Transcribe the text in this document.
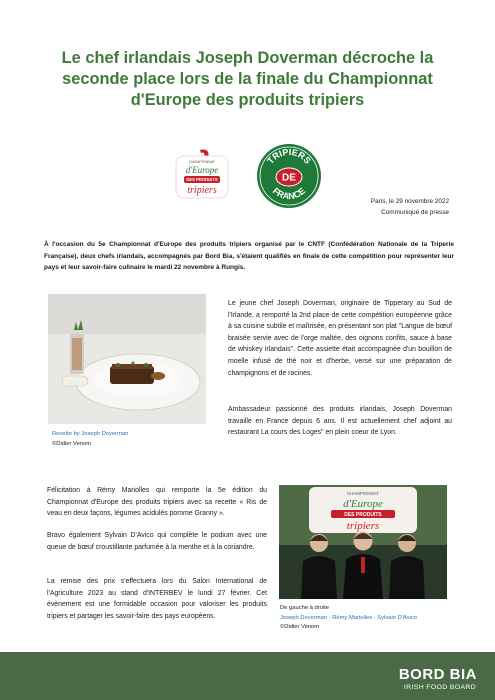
Le chef irlandais Joseph Doverman décroche la seconde place lors de la finale du Championnat d'Europe des produits tripiers
CHAMPIONNAT
d'Europe
DES PRODUITS
tripiers
TRIPIERS
FRANCE
DE
Paris, le 29 novembre 2022
Communiqué de presse
À l'occasion du 5e Championnat d'Europe des produits tripiers organisé par le CNTF (Confédération Nationale de la Triperie Française), deux chefs irlandais, accompagnés par Bord Bia, s'étaient qualifiés en finale de cette compétition pour représenter leur pays et leur savoir-faire culinaire le mardi 22 novembre à Rungis.
Recette by Joseph Doverman
©Didier Venom
Le jeune chef Joseph Doverman, originaire de Tipperary au Sud de l'Irlande, a remporté la 2nd place de cette compétition européenne grâce à sa cuisine subtile et maîtrisée, en présentant son plat "Langue de bœuf braisée servie avec de l'orge maltée, des oignons confits, sauce à base de whiskey irlandais". Cette assiette était accompagnée d'un bouillon de moelle infusé de thé noir et d'herbe, versé sur une préparation de champignons et de racines.
Ambassadeur passionné des produits irlandais, Joseph Doverman travaille en France depuis 6 ans. Il est actuellement chef adjoint au restaurant La cours des Loges" en plein coeur de Lyon.
Félicitation à Rémy Mariolles qui remporte la 5e édition du Championnat d'Europe des produits tripiers avec sa recette « Ris de veau en deux façons, légumes acidulés pomme Granny ».
Bravo également Sylvain D'Avico qui complète le podium avec une queue de bœuf croustillante parfumée à la menthe et à la coriandre.
La remise des prix s'effectuera lors du Salon International de l'Agriculture 2023 au stand d'INTERBEV le lundi 27 février. Cet évènement est une formidable occasion pour valoriser les produits tripiers et partager les savoir-faire des pays européens.
CHAMPIONNAT
d'Europe
DES PRODUITS
tripiers
De gauche à droite
Joseph Doverman - Rémy Mariolles - Sylvain D'Avico
©Didier Venom
BORD BIA
IRISH FOOD BOARD
